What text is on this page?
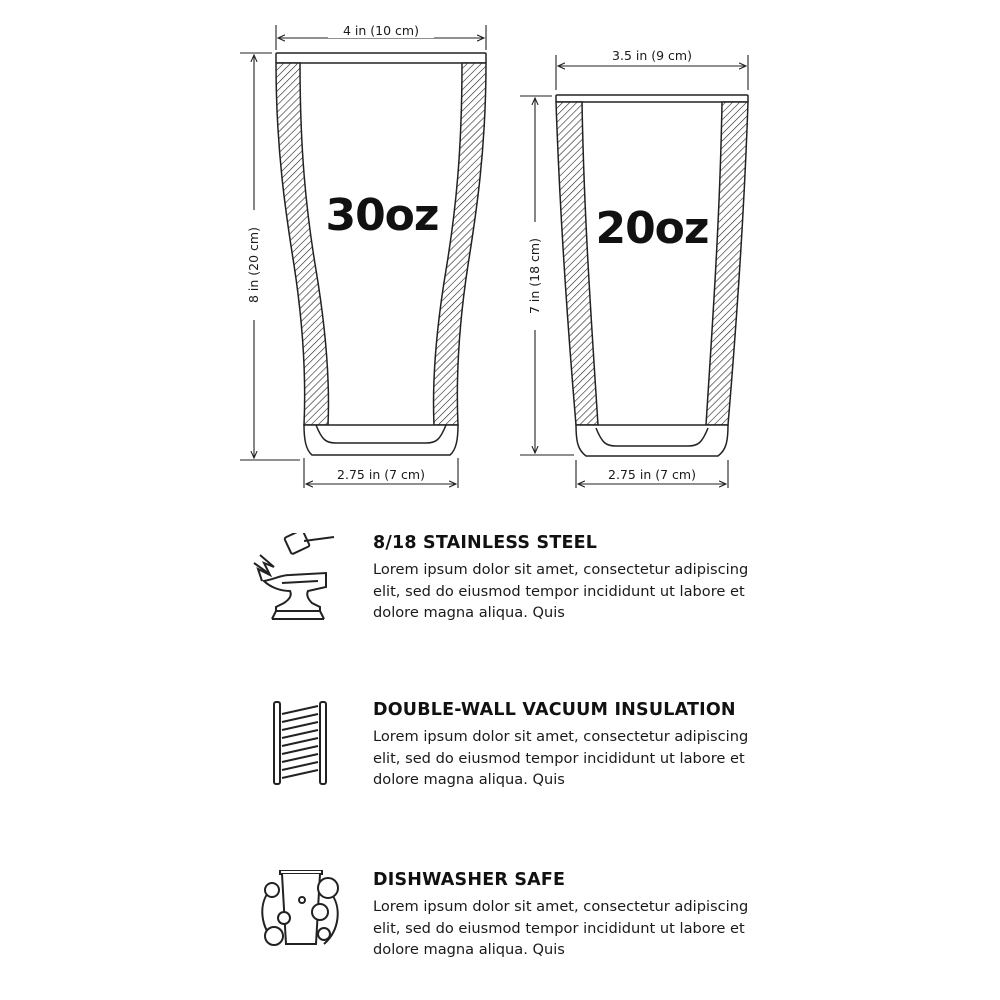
30oz
4 in (10 cm)
8 in (20 cm)
2.75 in (7 cm)
20oz
3.5 in (9 cm)
7 in (18 cm)
2.75 in (7 cm)
8/18 STAINLESS STEEL
Lorem ipsum dolor sit amet, consectetur adipiscing elit, sed do eiusmod tempor incididunt ut labore et dolore magna aliqua. Quis
DOUBLE-WALL VACUUM INSULATION
Lorem ipsum dolor sit amet, consectetur adipiscing elit, sed do eiusmod tempor incididunt ut labore et dolore magna aliqua. Quis
DISHWASHER SAFE
Lorem ipsum dolor sit amet, consectetur adipiscing elit, sed do eiusmod tempor incididunt ut labore et dolore magna aliqua. Quis
